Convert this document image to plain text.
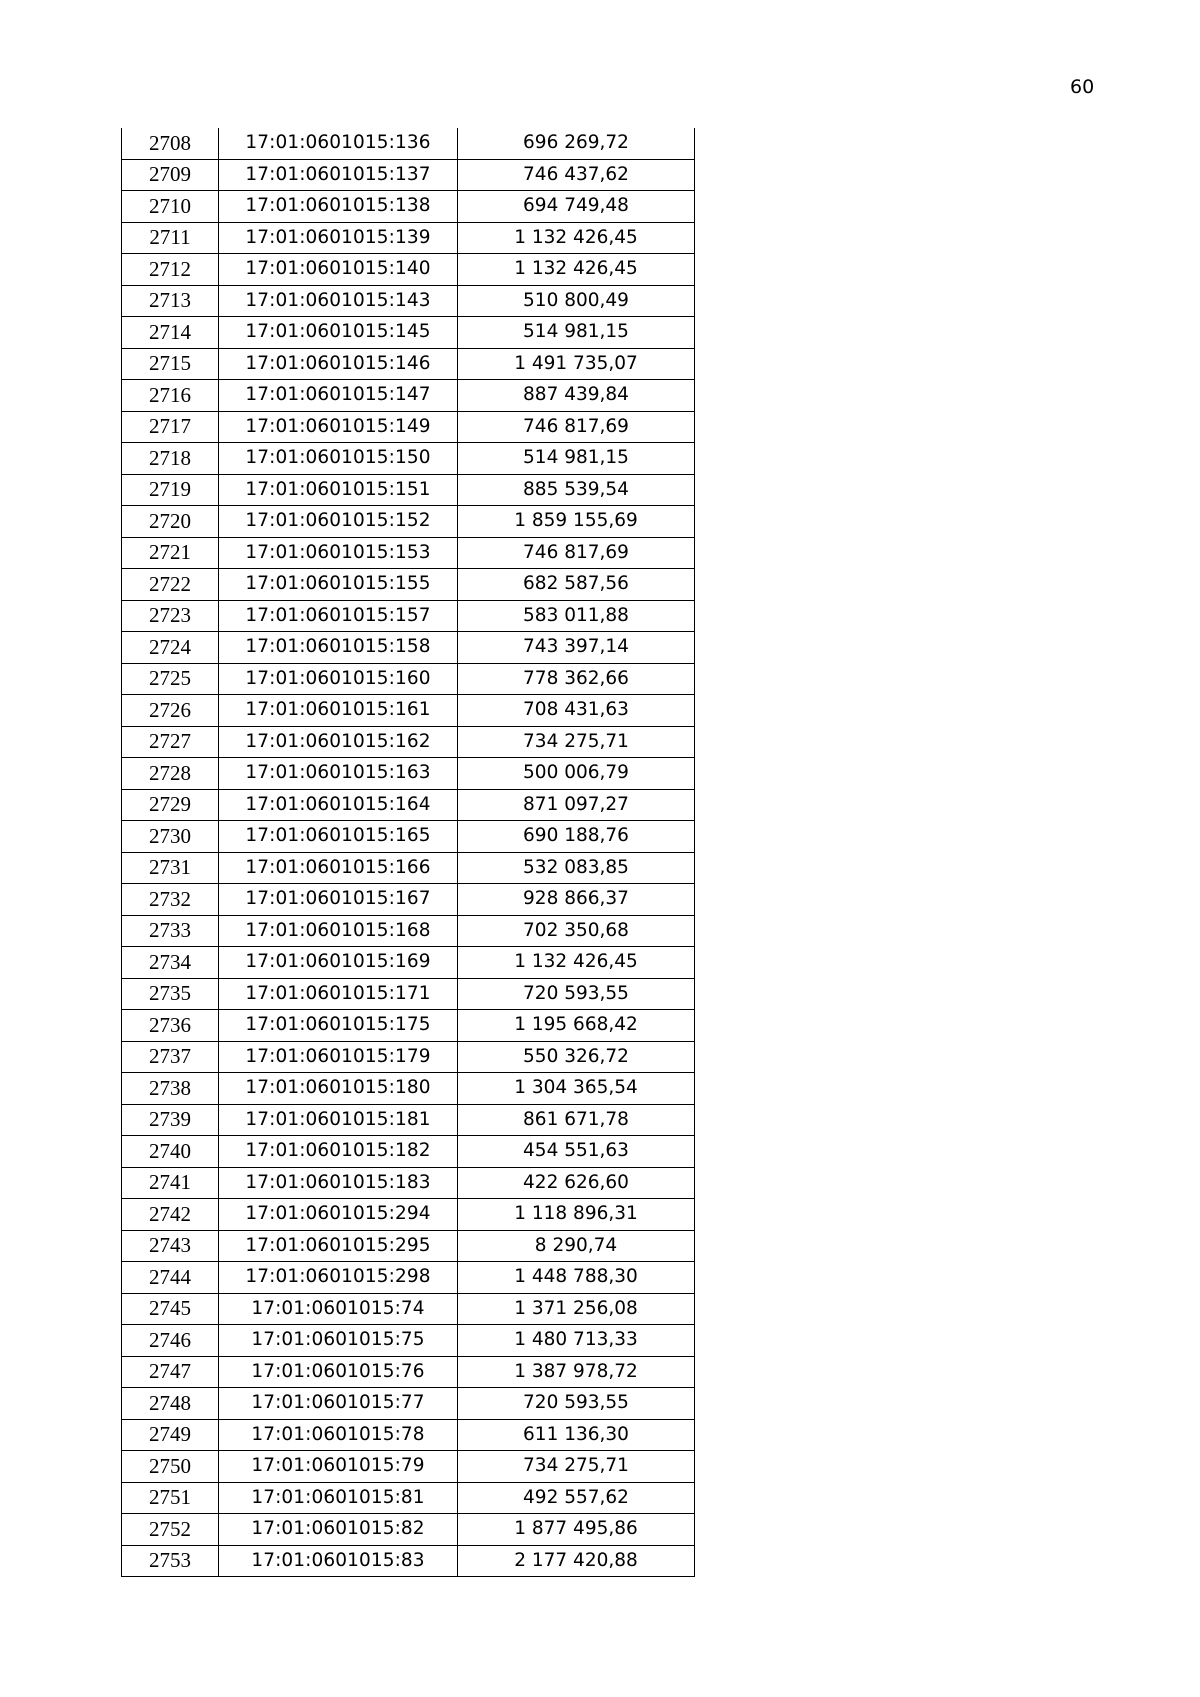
60
2708	17:01:0601015:136	696 269,72
2709	17:01:0601015:137	746 437,62
2710	17:01:0601015:138	694 749,48
2711	17:01:0601015:139	1 132 426,45
2712	17:01:0601015:140	1 132 426,45
2713	17:01:0601015:143	510 800,49
2714	17:01:0601015:145	514 981,15
2715	17:01:0601015:146	1 491 735,07
2716	17:01:0601015:147	887 439,84
2717	17:01:0601015:149	746 817,69
2718	17:01:0601015:150	514 981,15
2719	17:01:0601015:151	885 539,54
2720	17:01:0601015:152	1 859 155,69
2721	17:01:0601015:153	746 817,69
2722	17:01:0601015:155	682 587,56
2723	17:01:0601015:157	583 011,88
2724	17:01:0601015:158	743 397,14
2725	17:01:0601015:160	778 362,66
2726	17:01:0601015:161	708 431,63
2727	17:01:0601015:162	734 275,71
2728	17:01:0601015:163	500 006,79
2729	17:01:0601015:164	871 097,27
2730	17:01:0601015:165	690 188,76
2731	17:01:0601015:166	532 083,85
2732	17:01:0601015:167	928 866,37
2733	17:01:0601015:168	702 350,68
2734	17:01:0601015:169	1 132 426,45
2735	17:01:0601015:171	720 593,55
2736	17:01:0601015:175	1 195 668,42
2737	17:01:0601015:179	550 326,72
2738	17:01:0601015:180	1 304 365,54
2739	17:01:0601015:181	861 671,78
2740	17:01:0601015:182	454 551,63
2741	17:01:0601015:183	422 626,60
2742	17:01:0601015:294	1 118 896,31
2743	17:01:0601015:295	8 290,74
2744	17:01:0601015:298	1 448 788,30
2745	17:01:0601015:74	1 371 256,08
2746	17:01:0601015:75	1 480 713,33
2747	17:01:0601015:76	1 387 978,72
2748	17:01:0601015:77	720 593,55
2749	17:01:0601015:78	611 136,30
2750	17:01:0601015:79	734 275,71
2751	17:01:0601015:81	492 557,62
2752	17:01:0601015:82	1 877 495,86
2753	17:01:0601015:83	2 177 420,88
